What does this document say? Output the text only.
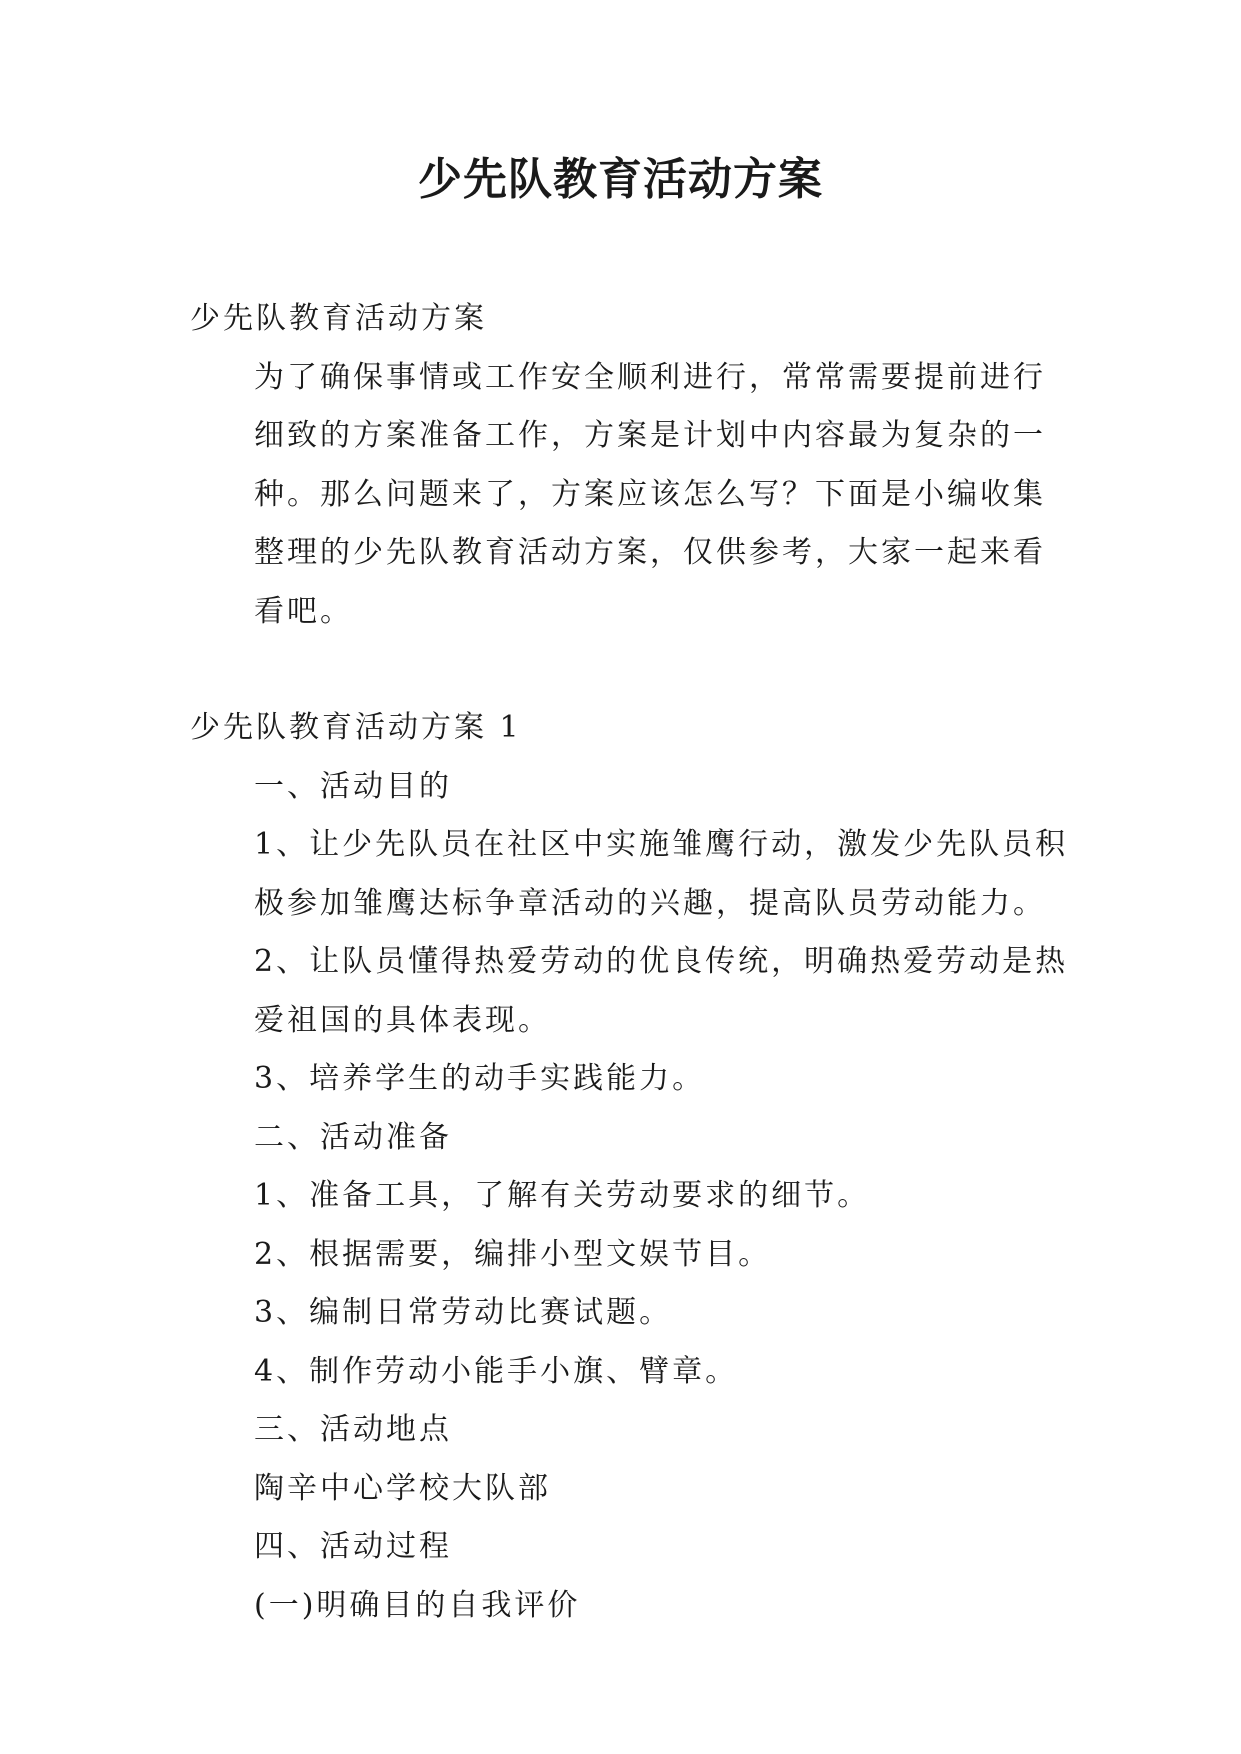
少先队教育活动方案

少先队教育活动方案

为了确保事情或工作安全顺利进行，常常需要提前进行细致的方案准备工作，方案是计划中内容最为复杂的一种。那么问题来了，方案应该怎么写？下面是小编收集整理的少先队教育活动方案，仅供参考，大家一起来看看吧。

少先队教育活动方案 1

一、活动目的

1、让少先队员在社区中实施雏鹰行动，激发少先队员积极参加雏鹰达标争章活动的兴趣，提高队员劳动能力。

2、让队员懂得热爱劳动的优良传统，明确热爱劳动是热爱祖国的具体表现。

3、培养学生的动手实践能力。

二、活动准备

1、准备工具，了解有关劳动要求的细节。

2、根据需要，编排小型文娱节目。

3、编制日常劳动比赛试题。

4、制作劳动小能手小旗、臂章。

三、活动地点

陶辛中心学校大队部

四、活动过程

(一)明确目的自我评价
